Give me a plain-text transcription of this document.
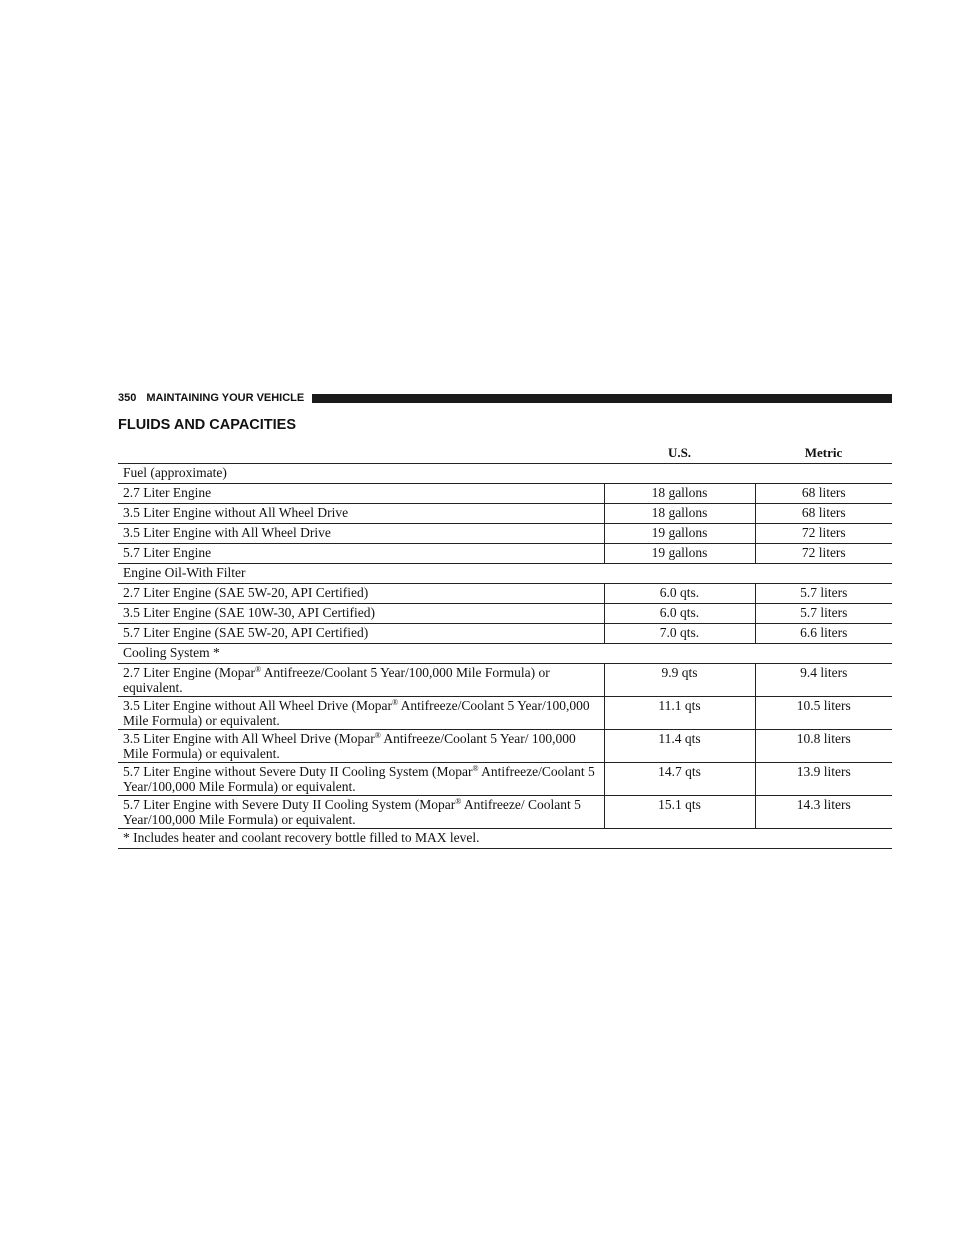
350 MAINTAINING YOUR VEHICLE
FLUIDS AND CAPACITIES
	U.S.	Metric
Fuel (approximate)		
2.7 Liter Engine	18 gallons	68 liters
3.5 Liter Engine without All Wheel Drive	18 gallons	68 liters
3.5 Liter Engine with All Wheel Drive	19 gallons	72 liters
5.7 Liter Engine	19 gallons	72 liters
Engine Oil-With Filter		
2.7 Liter Engine (SAE 5W-20, API Certified)	6.0 qts.	5.7 liters
3.5 Liter Engine (SAE 10W-30, API Certified)	6.0 qts.	5.7 liters
5.7 Liter Engine (SAE 5W-20, API Certified)	7.0 qts.	6.6 liters
Cooling System *		
2.7 Liter Engine (Mopar® Antifreeze/Coolant 5 Year/100,000 Mile Formula) or equivalent.	9.9 qts	9.4 liters
3.5 Liter Engine without All Wheel Drive (Mopar® Antifreeze/Coolant 5 Year/100,000 Mile Formula) or equivalent.	11.1 qts	10.5 liters
3.5 Liter Engine with All Wheel Drive (Mopar® Antifreeze/Coolant 5 Year/ 100,000 Mile Formula) or equivalent.	11.4 qts	10.8 liters
5.7 Liter Engine without Severe Duty II Cooling System (Mopar® Antifreeze/Coolant 5 Year/100,000 Mile Formula) or equivalent.	14.7 qts	13.9 liters
5.7 Liter Engine with Severe Duty II Cooling System (Mopar® Antifreeze/ Coolant 5 Year/100,000 Mile Formula) or equivalent.	15.1 qts	14.3 liters
* Includes heater and coolant recovery bottle filled to MAX level.		
